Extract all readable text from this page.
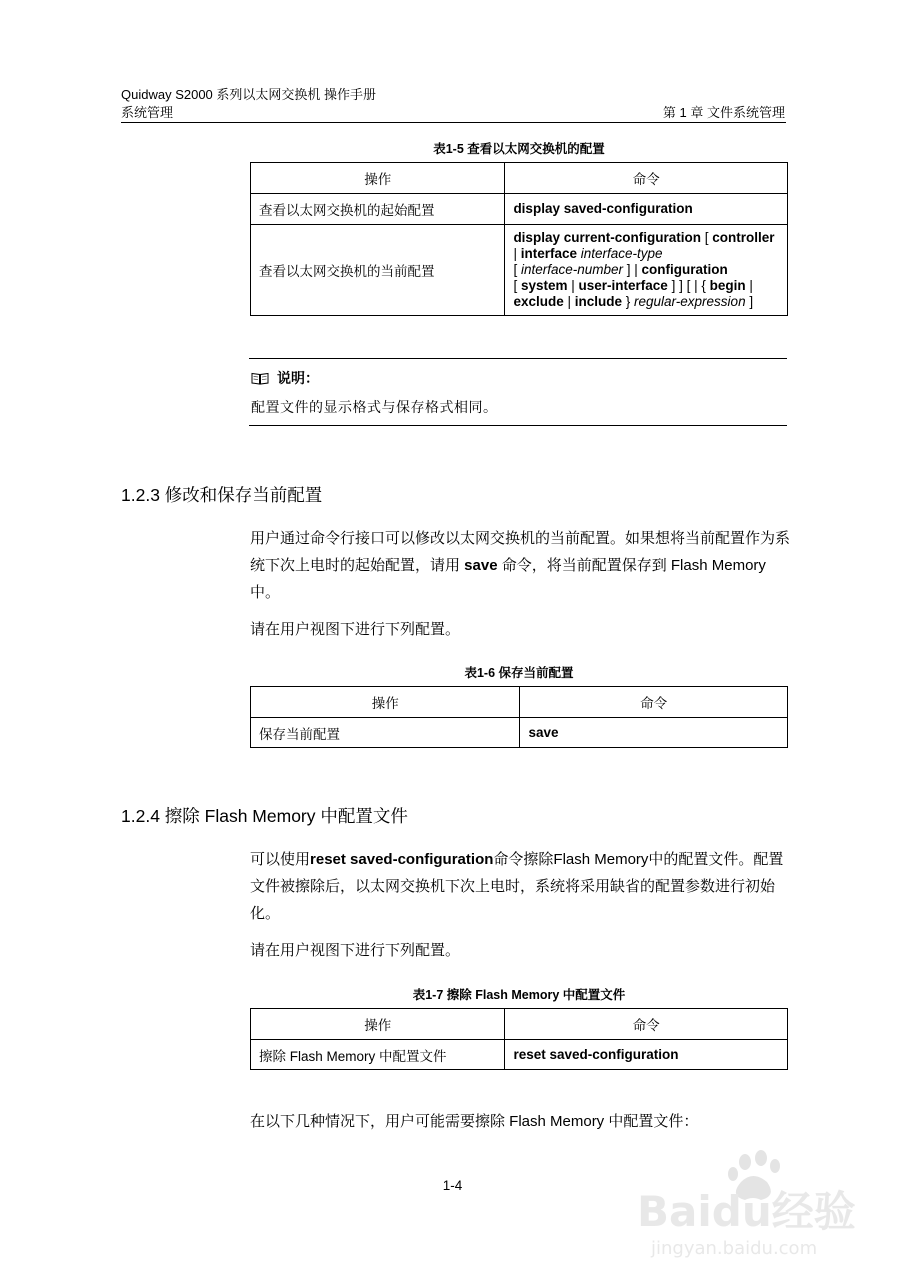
Quidway S2000 系列以太网交换机 操作手册
系统管理	第 1 章 文件系统管理
表1-5 查看以太网交换机的配置
操作	命令
查看以太网交换机的起始配置	display saved-configuration
查看以太网交换机的当前配置	display current-configuration [ controller
| interface interface-type
[ interface-number ] | configuration
[ system | user-interface ] ] [ | { begin |
exclude | include } regular-expression ]
说明：
配置文件的显示格式与保存格式相同。
1.2.3 修改和保存当前配置
用户通过命令行接口可以修改以太网交换机的当前配置。如果想将当前配置作为系统下次上电时的起始配置，请用 save 命令，将当前配置保存到 Flash Memory 中。
请在用户视图下进行下列配置。
表1-6 保存当前配置
操作	命令
保存当前配置	save
1.2.4 擦除 Flash Memory 中配置文件
可以使用reset saved-configuration命令擦除Flash Memory中的配置文件。配置文件被擦除后，以太网交换机下次上电时，系统将采用缺省的配置参数进行初始化。
请在用户视图下进行下列配置。
表1-7 擦除 Flash Memory 中配置文件
操作	命令
擦除 Flash Memory 中配置文件	reset saved-configuration
在以下几种情况下，用户可能需要擦除 Flash Memory 中配置文件：
1-4
Baidu经验
jingyan.baidu.com
